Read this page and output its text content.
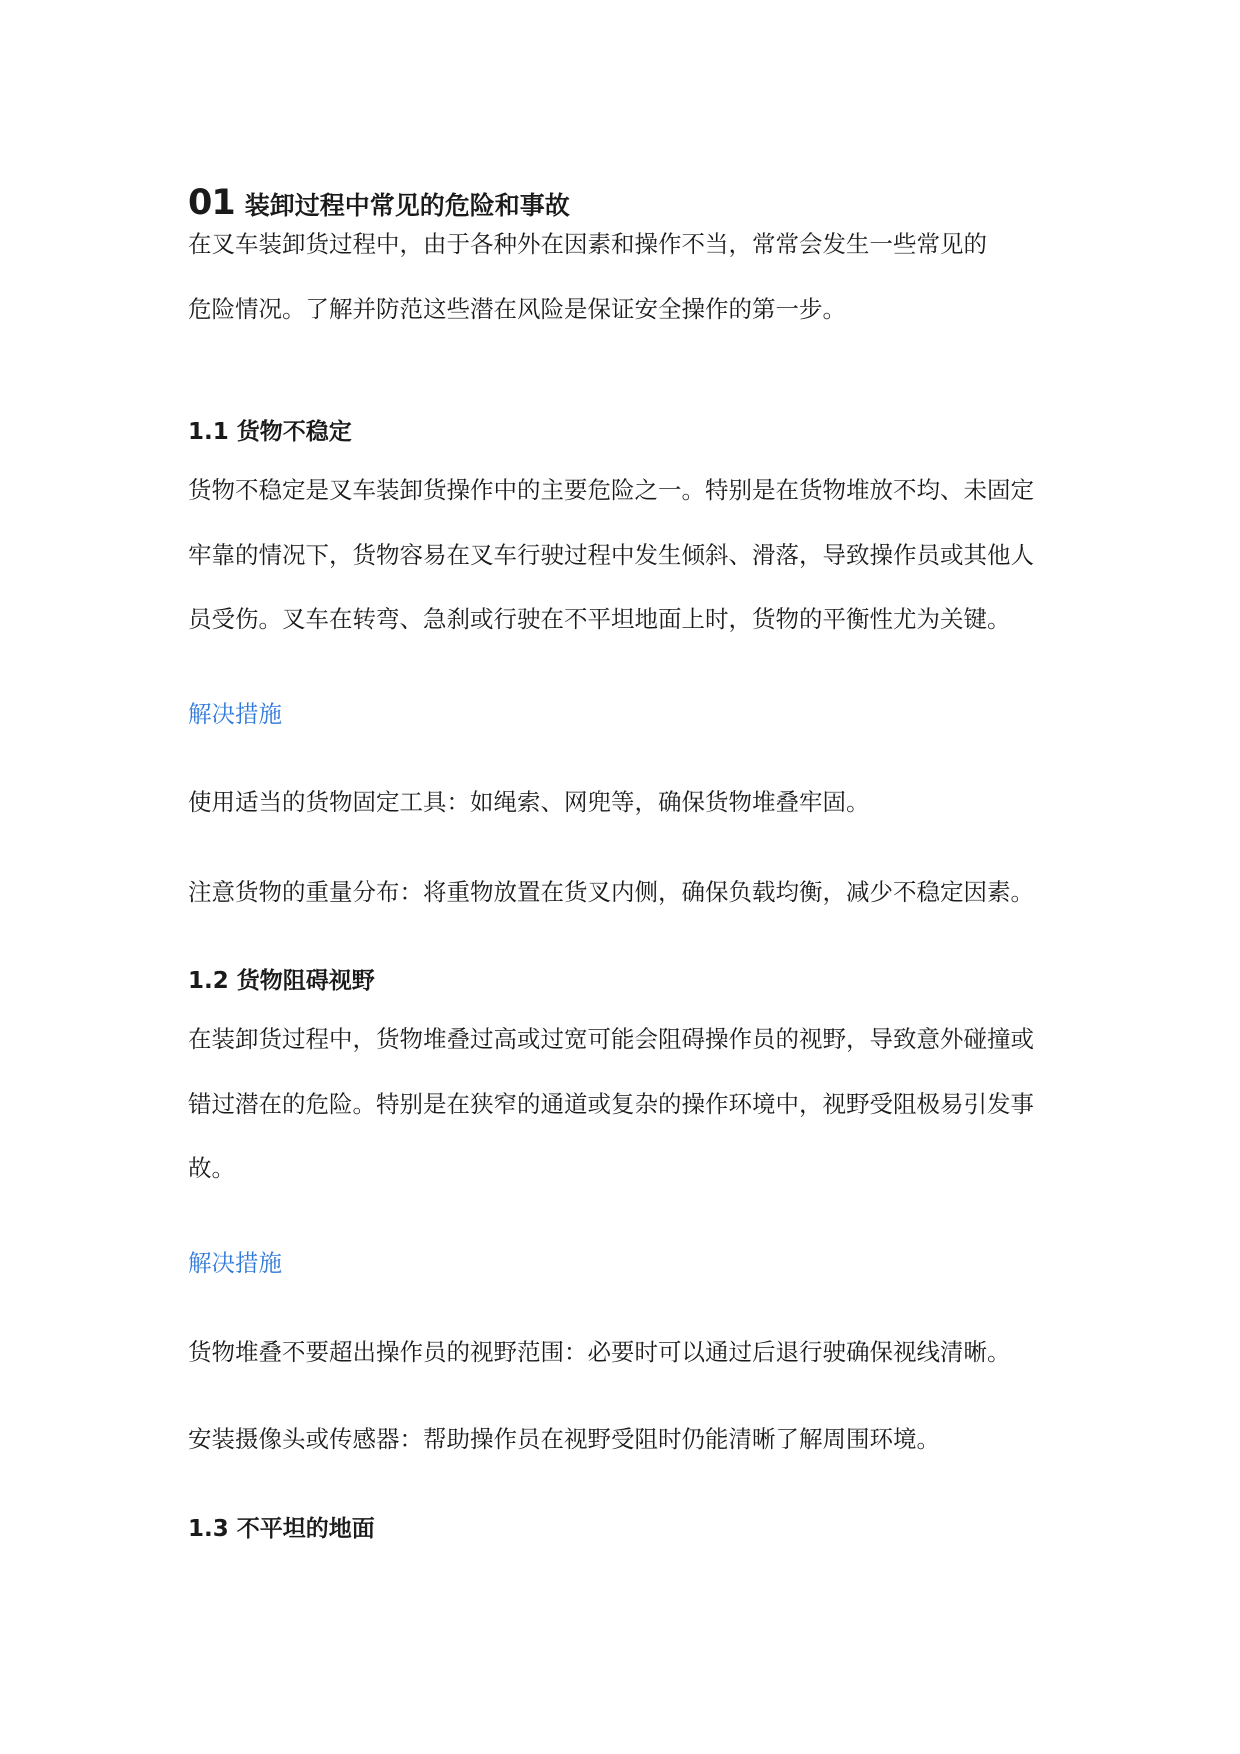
01 装卸过程中常见的危险和事故
在叉车装卸货过程中，由于各种外在因素和操作不当，常常会发生一些常见的
危险情况。了解并防范这些潜在风险是保证安全操作的第一步。
1.1 货物不稳定
货物不稳定是叉车装卸货操作中的主要危险之一。特别是在货物堆放不均、未固定
牢靠的情况下，货物容易在叉车行驶过程中发生倾斜、滑落，导致操作员或其他人
员受伤。叉车在转弯、急刹或行驶在不平坦地面上时，货物的平衡性尤为关键。
解决措施
使用适当的货物固定工具：如绳索、网兜等，确保货物堆叠牢固。
注意货物的重量分布：将重物放置在货叉内侧，确保负载均衡，减少不稳定因素。
1.2 货物阻碍视野
在装卸货过程中，货物堆叠过高或过宽可能会阻碍操作员的视野，导致意外碰撞或
错过潜在的危险。特别是在狭窄的通道或复杂的操作环境中，视野受阻极易引发事
故。
解决措施
货物堆叠不要超出操作员的视野范围：必要时可以通过后退行驶确保视线清晰。
安装摄像头或传感器：帮助操作员在视野受阻时仍能清晰了解周围环境。
1.3 不平坦的地面
